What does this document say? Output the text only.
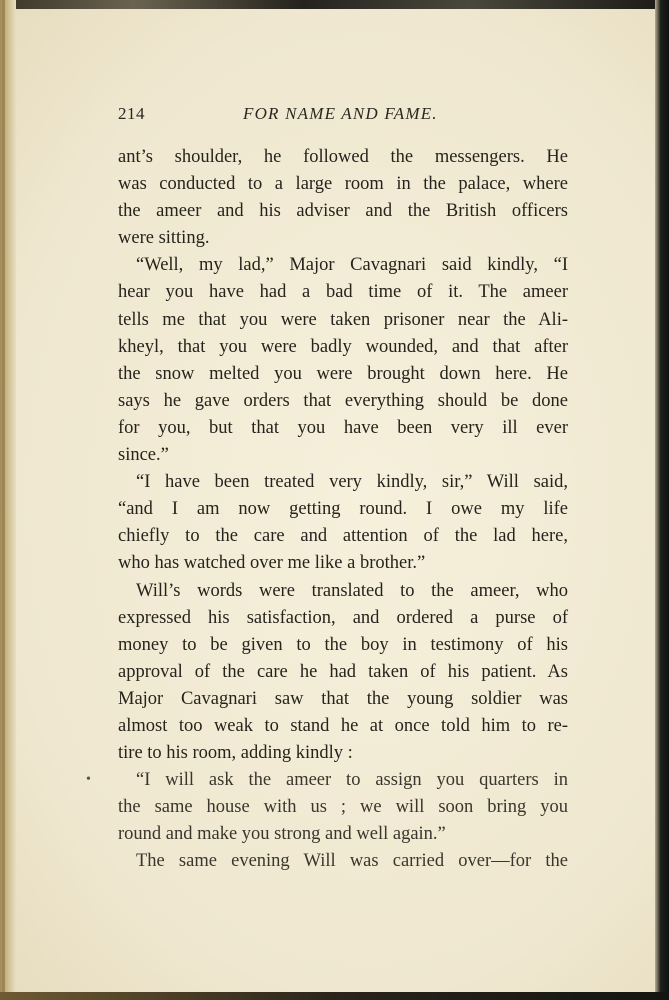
214	FOR NAME AND FAME.
•
ant’s shoulder, he followed the messengers. He
was conducted to a large room in the palace, where
the ameer and his adviser and the British officers
were sitting.
“Well, my lad,” Major Cavagnari said kindly, “I
hear you have had a bad time of it. The ameer
tells me that you were taken prisoner near the Ali-
kheyl, that you were badly wounded, and that after
the snow melted you were brought down here. He
says he gave orders that everything should be done
for you, but that you have been very ill ever
since.”
“I have been treated very kindly, sir,” Will said,
“and I am now getting round. I owe my life
chiefly to the care and attention of the lad here,
who has watched over me like a brother.”
Will’s words were translated to the ameer, who
expressed his satisfaction, and ordered a purse of
money to be given to the boy in testimony of his
approval of the care he had taken of his patient. As
Major Cavagnari saw that the young soldier was
almost too weak to stand he at once told him to re-
tire to his room, adding kindly :
“I will ask the ameer to assign you quarters in
the same house with us ; we will soon bring you
round and make you strong and well again.”
The same evening Will was carried over—for the
